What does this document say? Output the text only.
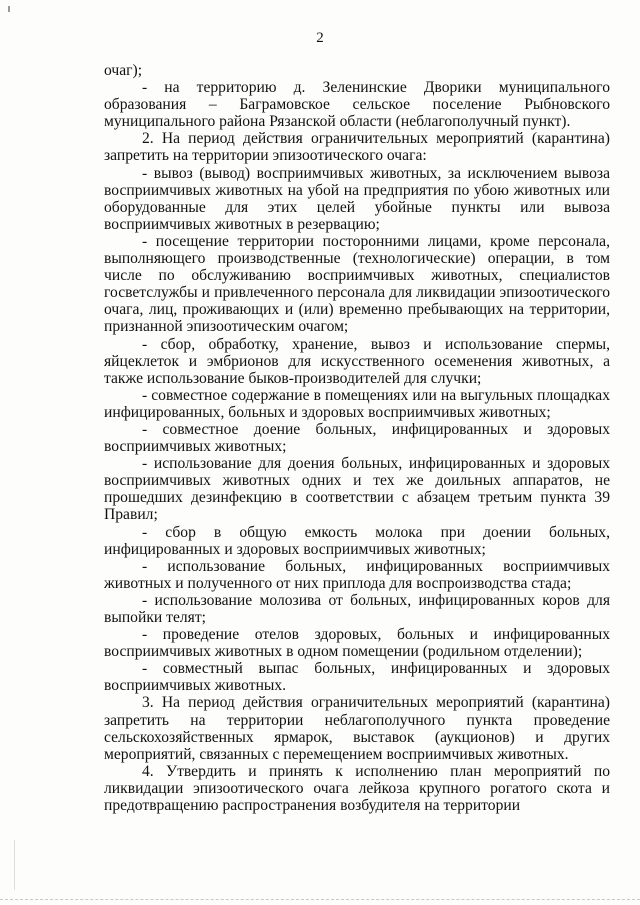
2

очаг);

- на территорию д. Зеленинские Дворики муниципального образования – Баграмовское сельское поселение Рыбновского муниципального района Рязанской области (неблагополучный пункт).

2. На период действия ограничительных мероприятий (карантина) запретить на территории эпизоотического очага:

- вывоз (вывод) восприимчивых животных, за исключением вывоза восприимчивых животных на убой на предприятия по убою животных или оборудованные для этих целей убойные пункты или вывоза восприимчивых животных в резервацию;

- посещение территории посторонними лицами, кроме персонала, выполняющего производственные (технологические) операции, в том числе по обслуживанию восприимчивых животных, специалистов госветслужбы и привлеченного персонала для ликвидации эпизоотического очага, лиц, проживающих и (или) временно пребывающих на территории, признанной эпизоотическим очагом;

- сбор, обработку, хранение, вывоз и использование спермы, яйцеклеток и эмбрионов для искусственного осеменения животных, а также использование быков-производителей для случки;

- совместное содержание в помещениях или на выгульных площадках инфицированных, больных и здоровых восприимчивых животных;

- совместное доение больных, инфицированных и здоровых восприимчивых животных;

- использование для доения больных, инфицированных и здоровых восприимчивых животных одних и тех же доильных аппаратов, не прошедших дезинфекцию в соответствии с абзацем третьим пункта 39 Правил;

- сбор в общую емкость молока при доении больных, инфицированных и здоровых восприимчивых животных;

- использование больных, инфицированных восприимчивых животных и полученного от них приплода для воспроизводства стада;

- использование молозива от больных, инфицированных коров для выпойки телят;

- проведение отелов здоровых, больных и инфицированных восприимчивых животных в одном помещении (родильном отделении);

- совместный выпас больных, инфицированных и здоровых восприимчивых животных.

3. На период действия ограничительных мероприятий (карантина) запретить на территории неблагополучного пункта проведение сельскохозяйственных ярмарок, выставок (аукционов) и других мероприятий, связанных с перемещением восприимчивых животных.

4. Утвердить и принять к исполнению план мероприятий по ликвидации эпизоотического очага лейкоза крупного рогатого скота и предотвращению распространения возбудителя на территории
